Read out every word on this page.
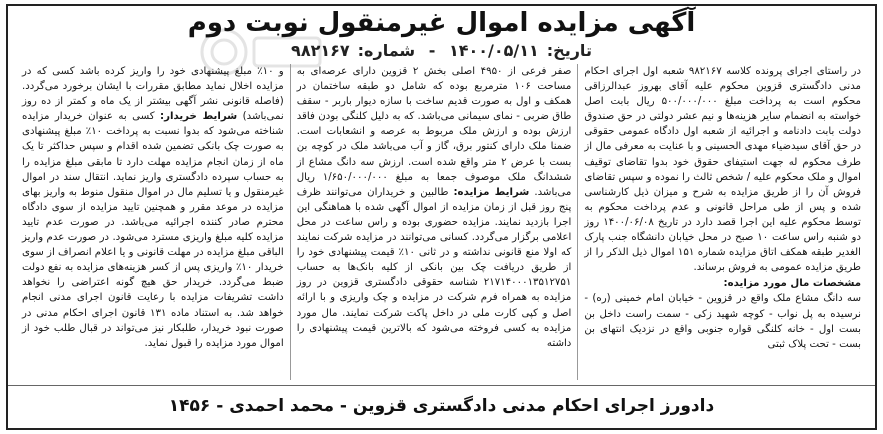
آگهی مزایده اموال غیرمنقول نوبت دوم
تاریخ:۱۴۰۰/۰۵/۱۱ - شماره:۹۸۲۱۶۷
در راستای اجرای پرونده کلاسه ۹۸۲۱۶۷ شعبه اول اجرای احکام مدنی دادگستری قزوین محکوم علیه آقای بهروز عبدالرزاقی محکوم است به پرداخت مبلغ ۵۰۰/۰۰۰/۰۰۰ ریال بابت اصل خواسته به انضمام سایر هزینه‌ها و نیم عشر دولتی در حق صندوق دولت بابت دادنامه و اجرائیه از شعبه اول دادگاه عمومی حقوقی در حق آقای سیدضیاء مهدی الحسینی و با عنایت به معرفی مال از طرف محکوم له جهت استیفای حقوق خود بدوا تقاضای توقیف اموال و ملک محکوم علیه / شخص ثالث را نموده و سپس تقاضای فروش آن را از طریق مزایده به شرح و میزان ذیل کارشناسی شده و پس از طی مراحل قانونی و عدم پرداخت محکوم به توسط محکوم علیه این اجرا قصد دارد در تاریخ ۱۴۰۰/۰۶/۰۸ روز دو شنبه راس ساعت ۱۰ صبح در محل خیابان دانشگاه جنب پارک الغدیر طبقه همکف اتاق مزایده شماره ۱۵۱ اموال ذیل الذکر را از طریق مزایده عمومی به فروش برساند.
مشخصات مال مورد مزایده:
سه دانگ مشاع ملک واقع در قزوین - خیابان امام خمینی (ره) - نرسیده به پل نواب - کوچه شهید زکی - سمت راست داخل بن بست اول - خانه کلنگی قواره جنوبی واقع در نزدیک انتهای بن بست - تحت پلاک ثبتی
صفر فرعی از ۴۹۵۰ اصلی بخش ۲ قزوین دارای عرصه‌ای به مساحت ۱۰۶ مترمربع بوده که شامل دو طبقه ساختمان در همکف و اول به صورت قدیم ساخت با سازه دیوار باربر - سقف طاق ضربی - نمای سیمانی می‌باشد. که به دلیل کلنگی بودن فاقد ارزش بوده و ارزش ملک مربوط به عرصه و انشعابات است. ضمنا ملک دارای کنتور برق، گاز و آب می‌باشد ملک در کوچه بن بست با عرض ۲ متر واقع شده است. ارزش سه دانگ مشاع از ششدانگ ملک موصوف جمعا به مبلغ ۱/۶۵۰/۰۰۰/۰۰۰ ریال می‌باشد. شرایط مزایده: طالبین و خریداران می‌توانند ظرف پنج روز قبل از زمان مزایده از اموال آگهی شده با هماهنگی این اجرا بازدید نمایند. مزایده حضوری بوده و راس ساعت در محل اعلامی برگزار می‌گردد. کسانی می‌توانند در مزایده شرکت نمایند که اولا منع قانونی نداشته و در ثانی ۱۰٪ قیمت پیشنهادی خود را از طریق دریافت چک بین بانکی از کلیه بانک‌ها به حساب ۲۱۷۱۴۰۰۰۱۳۵۱۲۷۵۱ شناسه حقوقی دادگستری قزوین در روز مزایده به همراه فرم شرکت در مزایده و چک واریزی و با ارائه اصل و کپی کارت ملی در داخل پاکت شرکت نمایند. مال مورد مزایده به کسی فروخته می‌شود که بالاترین قیمت پیشنهادی را داشته
و ۱۰٪ مبلغ پیشنهادی خود را واریز کرده باشد کسی که در مزایده اخلال نماید مطابق مقررات با ایشان برخورد می‌گردد. (فاصله قانونی نشر آگهی بیشتر از یک ماه و کمتر از ده روز نمی‌باشد) شرایط خریدار: کسی به عنوان خریدار مزایده شناخته می‌شود که بدوا نسبت به پرداخت ۱۰٪ مبلغ پیشنهادی به صورت چک بانکی تضمین شده اقدام و سپس حداکثر تا یک ماه از زمان انجام مزایده مهلت دارد تا مابقی مبلغ مزایده را به حساب سپرده دادگستری واریز نماید. انتقال سند در اموال غیرمنقول و یا تسلیم مال در اموال منقول منوط به واریز بهای مزایده در موعد مقرر و همچنین تایید مزایده از سوی دادگاه محترم صادر کننده اجرائیه می‌باشد. در صورت عدم تایید مزایده کلیه مبلغ واریزی مسترد می‌شود. در صورت عدم واریز الباقی مبلغ مزایده در مهلت قانونی و یا اعلام انصراف از سوی خریدار ۱۰٪ واریزی پس از کسر هزینه‌های مزایده به نفع دولت ضبط می‌گردد. خریدار حق هیچ گونه اعتراضی را نخواهد داشت تشریفات مزایده با رعایت قانون اجرای مدنی انجام خواهد شد. به استناد ماده ۱۳۱ قانون اجرای احکام مدنی در صورت نبود خریدار، طلبکار نیز می‌تواند در قبال طلب خود از اموال مورد مزایده را قبول نماید.
دادورز اجرای احکام مدنی دادگستری قزوین - محمد احمدی - ۱۴۵۶
